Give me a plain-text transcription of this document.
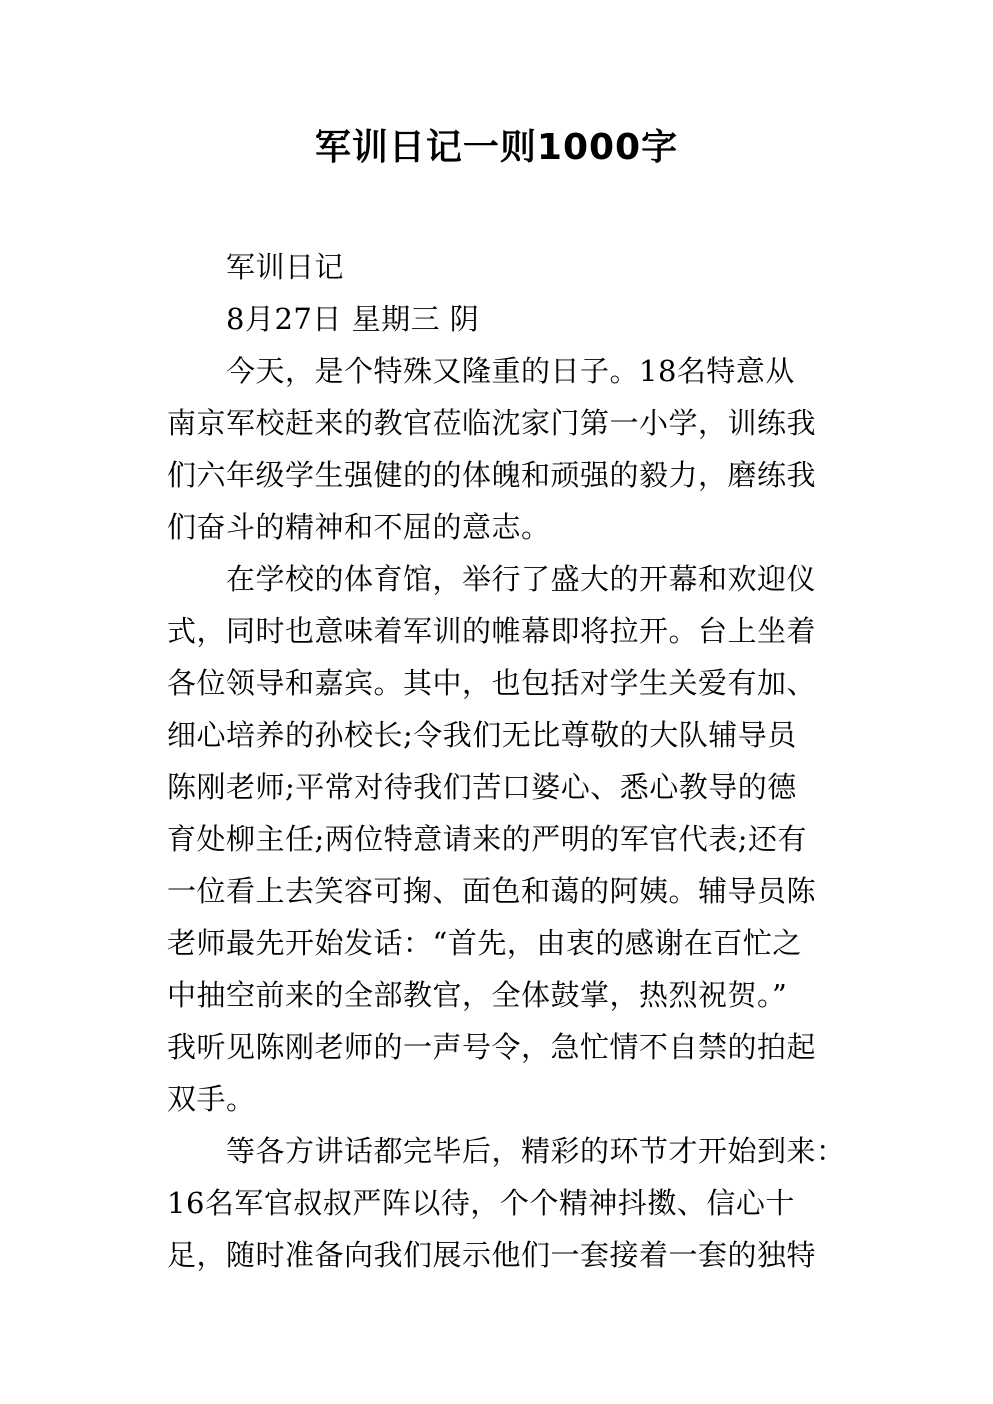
军训日记一则1000字
军训日记
8月27日 星期三 阴
今天，是个特殊又隆重的日子。18名特意从
南京军校赶来的教官莅临沈家门第一小学，训练我
们六年级学生强健的的体魄和顽强的毅力，磨练我
们奋斗的精神和不屈的意志。
在学校的体育馆，举行了盛大的开幕和欢迎仪
式，同时也意味着军训的帷幕即将拉开。台上坐着
各位领导和嘉宾。其中，也包括对学生关爱有加、
细心培养的孙校长;令我们无比尊敬的大队辅导员
陈刚老师;平常对待我们苦口婆心、悉心教导的德
育处柳主任;两位特意请来的严明的军官代表;还有
一位看上去笑容可掬、面色和蔼的阿姨。辅导员陈
老师最先开始发话：“首先，由衷的感谢在百忙之
中抽空前来的全部教官，全体鼓掌，热烈祝贺。”
我听见陈刚老师的一声号令，急忙情不自禁的拍起
双手。
等各方讲话都完毕后，精彩的环节才开始到来：
16名军官叔叔严阵以待，个个精神抖擞、信心十
足，随时准备向我们展示他们一套接着一套的独特
